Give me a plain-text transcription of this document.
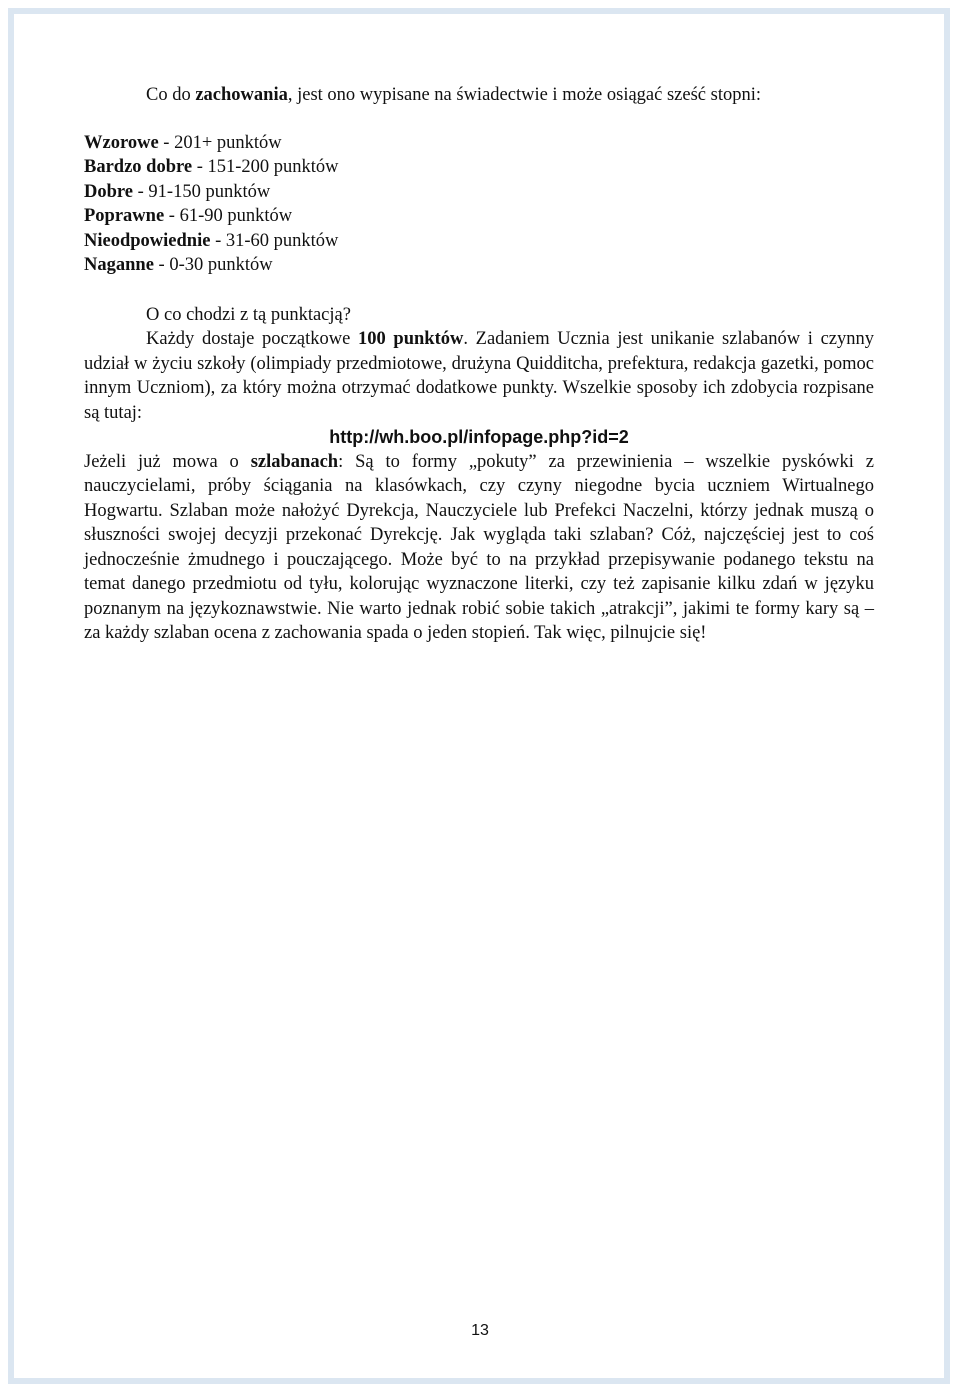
Co do zachowania, jest ono wypisane na świadectwie i może osiągać sześć stopni:

Wzorowe - 201+ punktów
Bardzo dobre - 151-200 punktów
Dobre - 91-150 punktów
Poprawne - 61-90 punktów
Nieodpowiednie - 31-60 punktów
Naganne - 0-30 punktów

O co chodzi z tą punktacją?

Każdy dostaje początkowe 100 punktów. Zadaniem Ucznia jest unikanie szlabanów i czynny udział w życiu szkoły (olimpiady przedmiotowe, drużyna Quidditcha, prefektura, redakcja gazetki, pomoc innym Uczniom), za który można otrzymać dodatkowe punkty. Wszelkie sposoby ich zdobycia rozpisane są tutaj:

http://wh.boo.pl/infopage.php?id=2

Jeżeli już mowa o szlabanach: Są to formy „pokuty” za przewinienia – wszelkie pyskówki z nauczycielami, próby ściągania na klasówkach, czy czyny niegodne bycia uczniem Wirtualnego Hogwartu. Szlaban może nałożyć Dyrekcja, Nauczyciele lub Prefekci Naczelni, którzy jednak muszą o słuszności swojej decyzji przekonać Dyrekcję. Jak wygląda taki szlaban? Cóż, najczęściej jest to coś jednocześnie żmudnego i pouczającego. Może być to na przykład przepisywanie podanego tekstu na temat danego przedmiotu od tyłu, kolorując wyznaczone literki, czy też zapisanie kilku zdań w języku poznanym na językoznawstwie. Nie warto jednak robić sobie takich „atrakcji”, jakimi te formy kary są – za każdy szlaban ocena z zachowania spada o jeden stopień. Tak więc, pilnujcie się!

13
